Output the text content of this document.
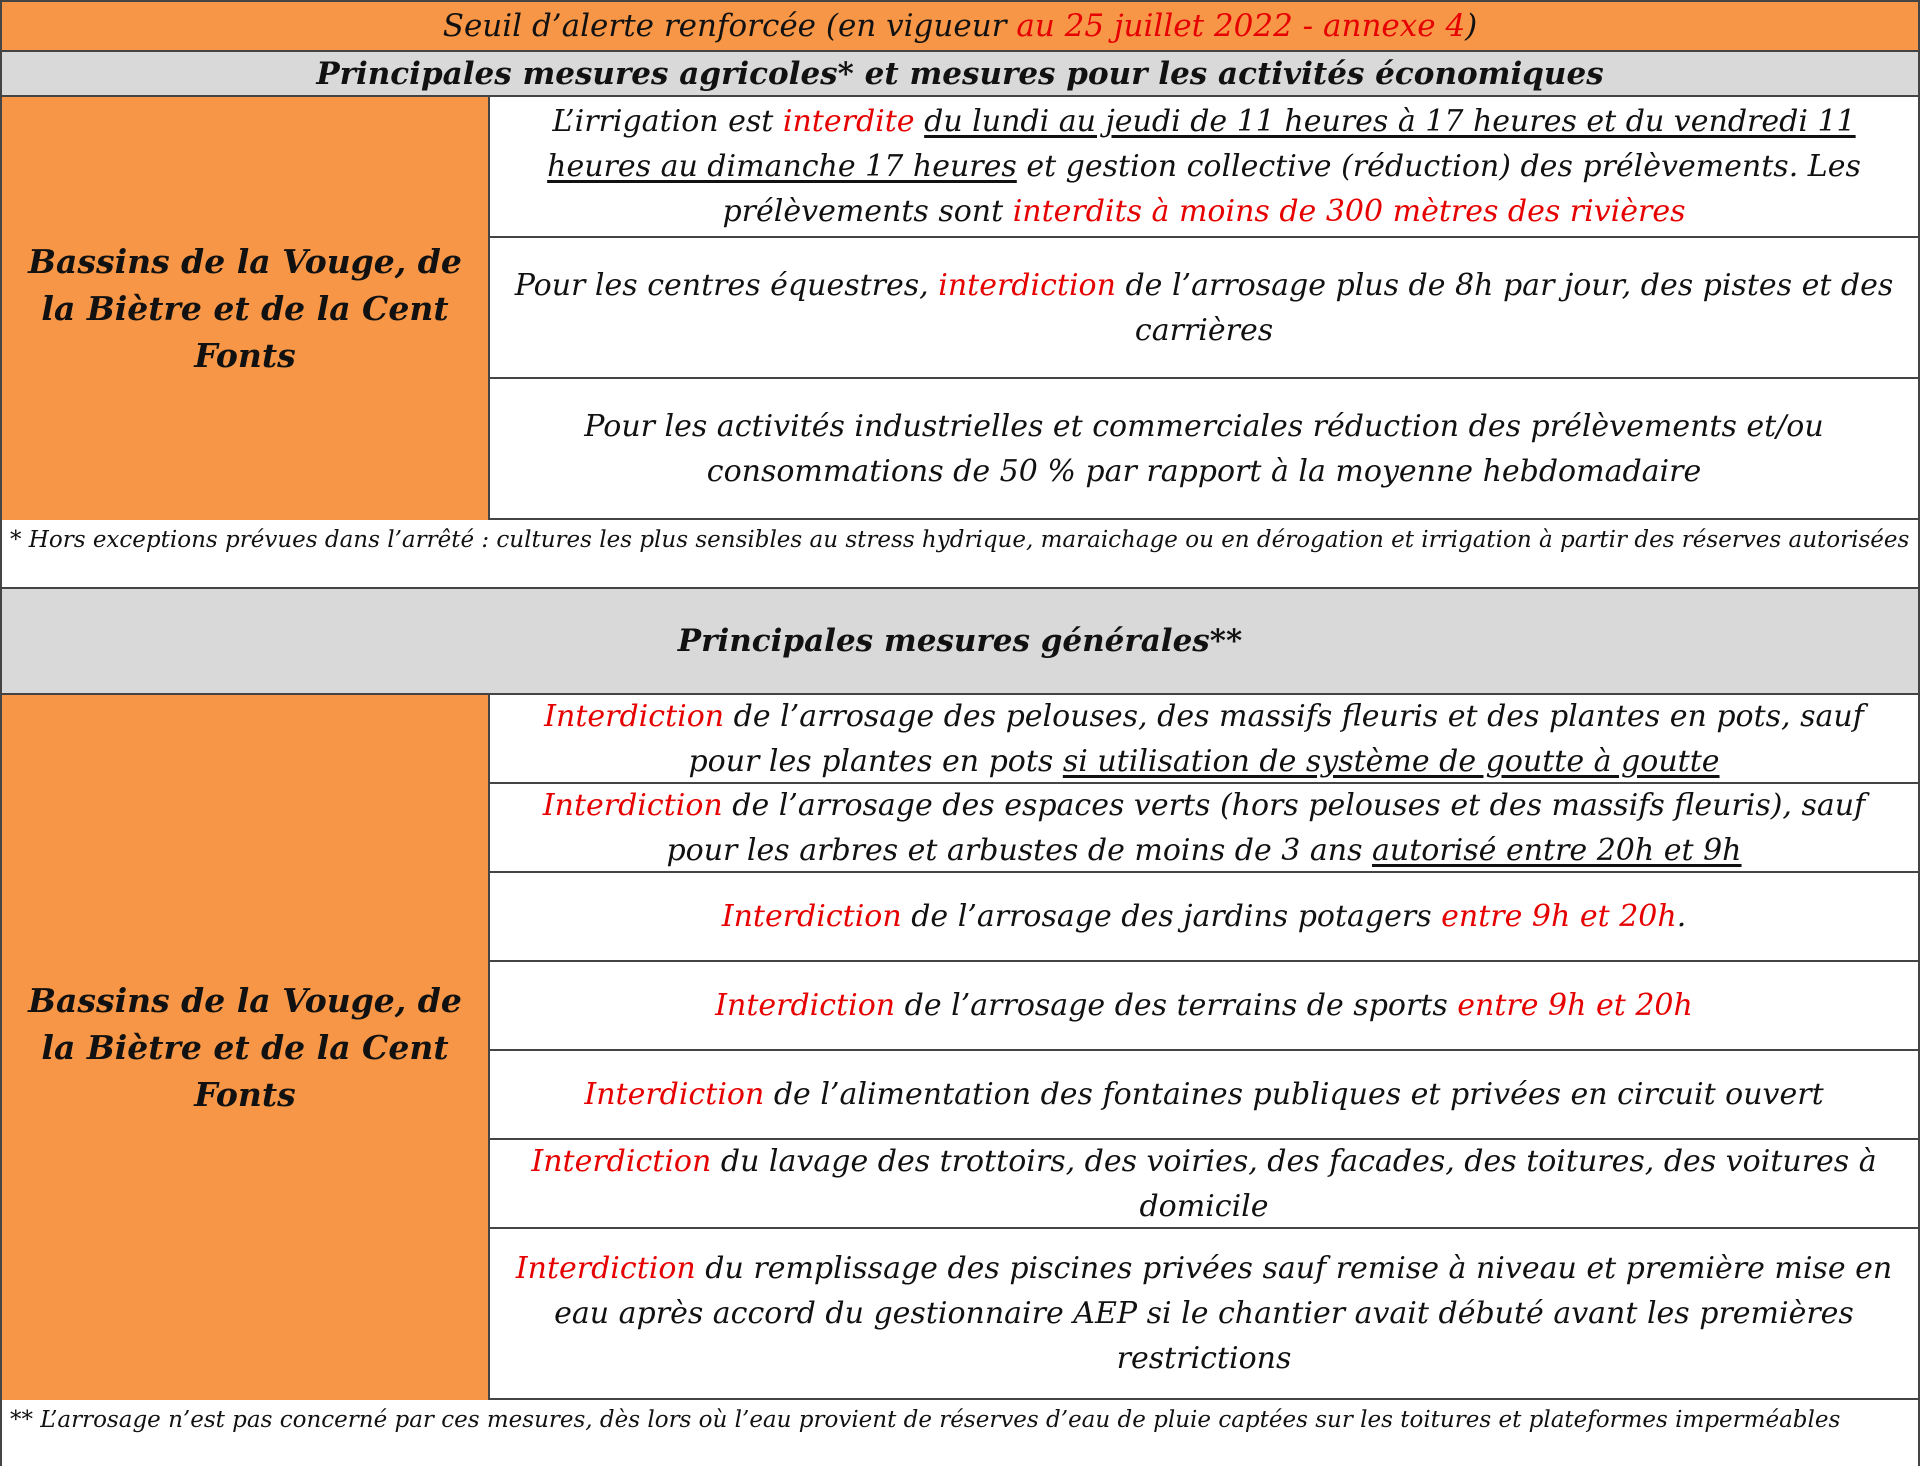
Seuil d’alerte renforcée (en vigueur au 25 juillet 2022 - annexe 4)
Principales mesures agricoles* et mesures pour les activités économiques
Bassins de la Vouge, de la Biètre et de la Cent Fonts
L’irrigation est interdite du lundi au jeudi de 11 heures à 17 heures et du vendredi 11 heures au dimanche 17 heures et gestion collective (réduction) des prélèvements. Les prélèvements sont interdits à moins de 300 mètres des rivières
Pour les centres équestres, interdiction de l’arrosage plus de 8h par jour, des pistes et des carrières
Pour les activités industrielles et commerciales réduction des prélèvements et/ou consommations de 50 % par rapport à la moyenne hebdomadaire
* Hors exceptions prévues dans l’arrêté : cultures les plus sensibles au stress hydrique, maraichage ou en dérogation et irrigation à partir des réserves autorisées
Principales mesures générales**
Bassins de la Vouge, de la Biètre et de la Cent Fonts
Interdiction de l’arrosage des pelouses, des massifs fleuris et des plantes en pots, sauf pour les plantes en pots si utilisation de système de goutte à goutte
Interdiction de l’arrosage des espaces verts (hors pelouses et des massifs fleuris), sauf pour les arbres et arbustes de moins de 3 ans autorisé entre 20h et 9h
Interdiction de l’arrosage des jardins potagers entre 9h et 20h.
Interdiction de l’arrosage des terrains de sports entre 9h et 20h
Interdiction de l’alimentation des fontaines publiques et privées en circuit ouvert
Interdiction du lavage des trottoirs, des voiries, des facades, des toitures, des voitures à domicile
Interdiction du remplissage des piscines privées sauf remise à niveau et première mise en eau après accord du gestionnaire AEP si le chantier avait débuté avant les premières restrictions
** L’arrosage n’est pas concerné par ces mesures, dès lors où l’eau provient de réserves d’eau de pluie captées sur les toitures et plateformes imperméables
